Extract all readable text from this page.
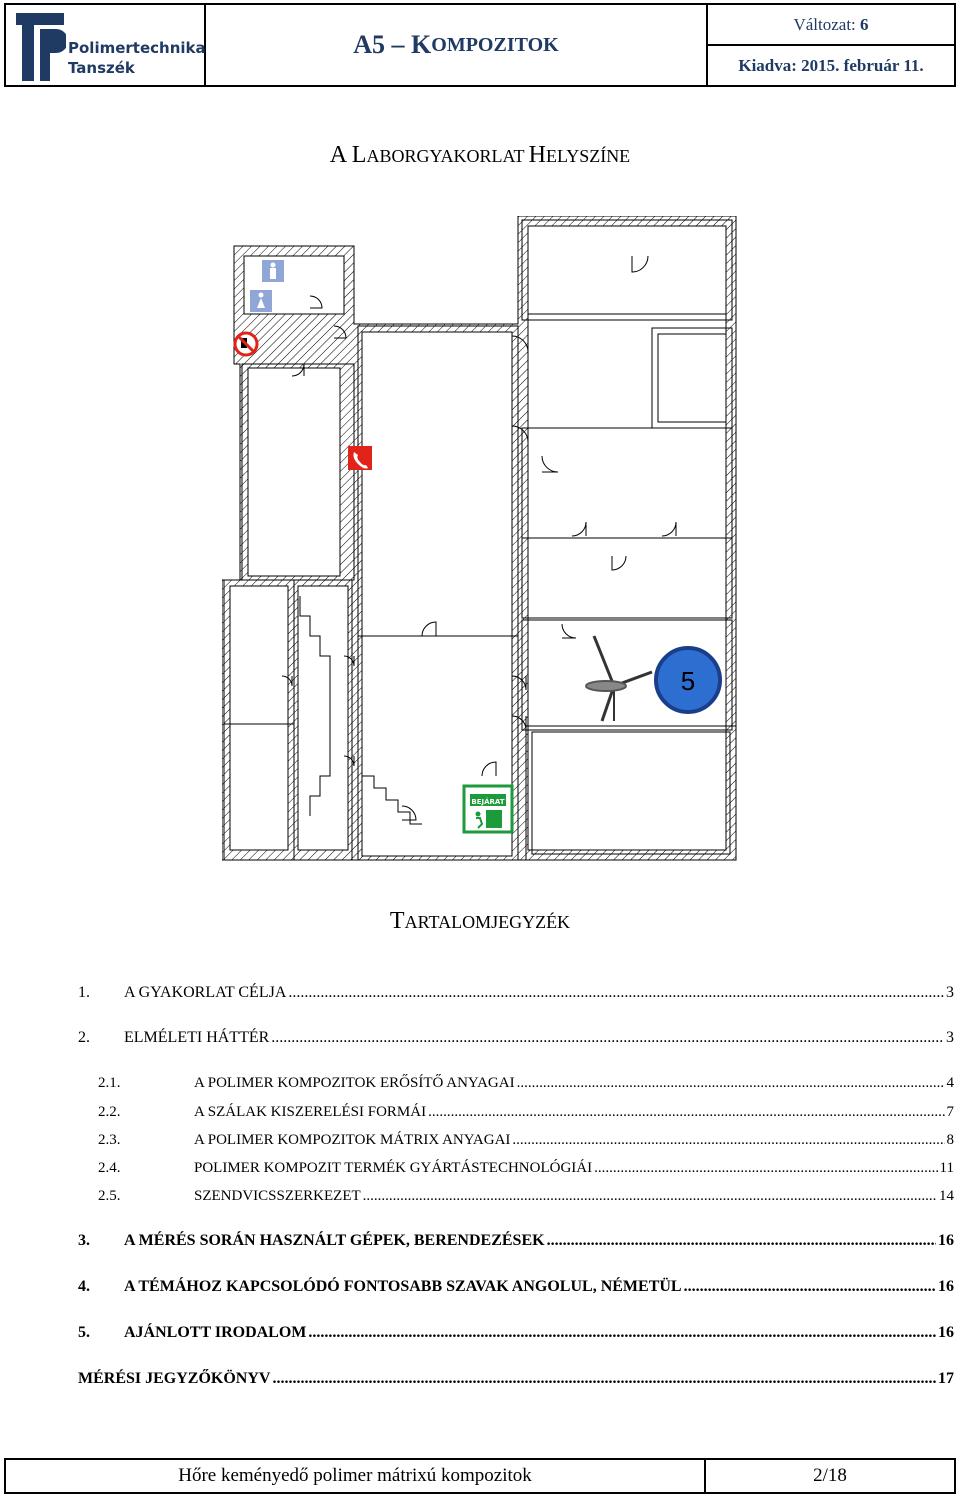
Polimertechnika
Tanszék
A5 – K OMPOZITOK
Változat:
6
Kiadva:
2015. február 11.
A LABORGYAKORLAT HELYSZÍNE
5
BEJÁRAT
TARTALOMJEGYZÉK
1.	A GYAKORLAT CÉLJA .....	3
2.	ELMÉLETI HÁTTÉR .....	3
2.1.	A POLIMER KOMPOZITOK ERŐSÍTŐ ANYAGAI .....	4
2.2.	A SZÁLAK KISZERELÉSI FORMÁI .....	7
2.3.	A POLIMER KOMPOZITOK MÁTRIX ANYAGAI .....	8
2.4.	POLIMER KOMPOZIT TERMÉK GYÁRTÁSTECHNOLÓGIÁI .....	11
2.5.	SZENDVICSSZERKEZET .....	14
3.	A MÉRÉS SORÁN HASZNÁLT GÉPEK, BERENDEZÉSEK .....	16
4.	A TÉMÁHOZ KAPCSOLÓDÓ FONTOSABB SZAVAK ANGOLUL, NÉMETÜL .....	16
5.	AJÁNLOTT IRODALOM .....	16
MÉRÉSI JEGYZŐKÖNYV .....	17
Hőre keményedő polimer mátrixú kompozitok	2/18
